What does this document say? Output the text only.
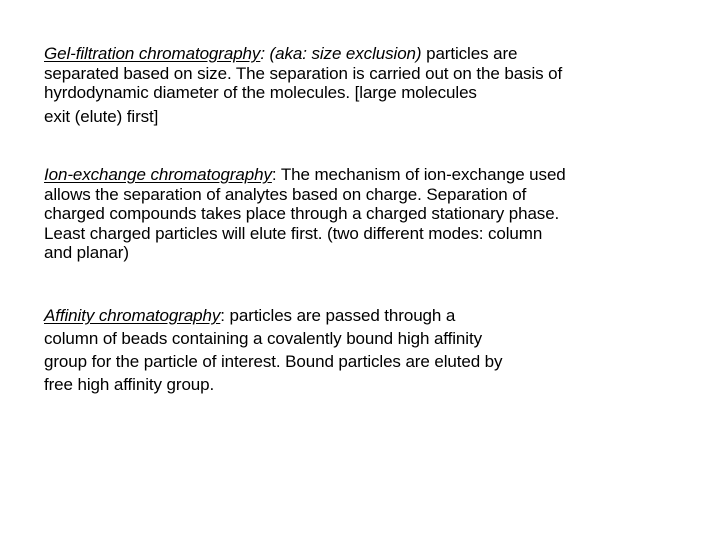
Gel-filtration chromatography: (aka: size exclusion) particles are
separated based on size. The separation is carried out on the basis of
hyrdodynamic diameter of the molecules. [large molecules
exit (elute) first]

Ion-exchange chromatography: The mechanism of ion-exchange used
allows the separation of analytes based on charge. Separation of
charged compounds takes place through a charged stationary phase.
Least charged particles will elute first. (two different modes: column
and planar)

Affinity chromatography: particles are passed through a
column of beads containing a covalently bound high affinity
group for the particle of interest. Bound particles are eluted by
free high affinity group.
